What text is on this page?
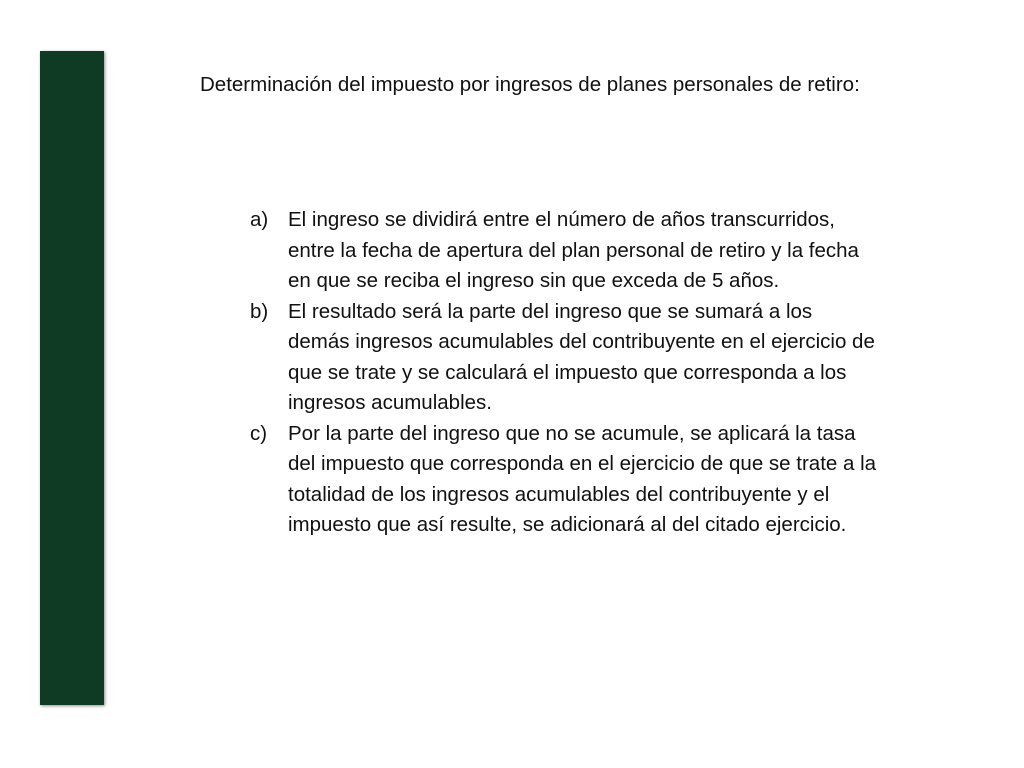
Determinación del impuesto por ingresos de planes personales de retiro:

a) El ingreso se dividirá entre el número de años transcurridos, entre la fecha de apertura del plan personal de retiro y la fecha en que se reciba el ingreso sin que exceda de 5 años.
b) El resultado será la parte del ingreso que se sumará a los demás ingresos acumulables del contribuyente en el ejercicio de que se trate y se calculará el impuesto que corresponda a los ingresos acumulables.
c)	Por la parte del ingreso que no se acumule, se aplicará la tasa del impuesto que corresponda en el ejercicio de que se trate a la totalidad de los ingresos acumulables del contribuyente y el impuesto que así resulte, se adicionará al del citado ejercicio.
